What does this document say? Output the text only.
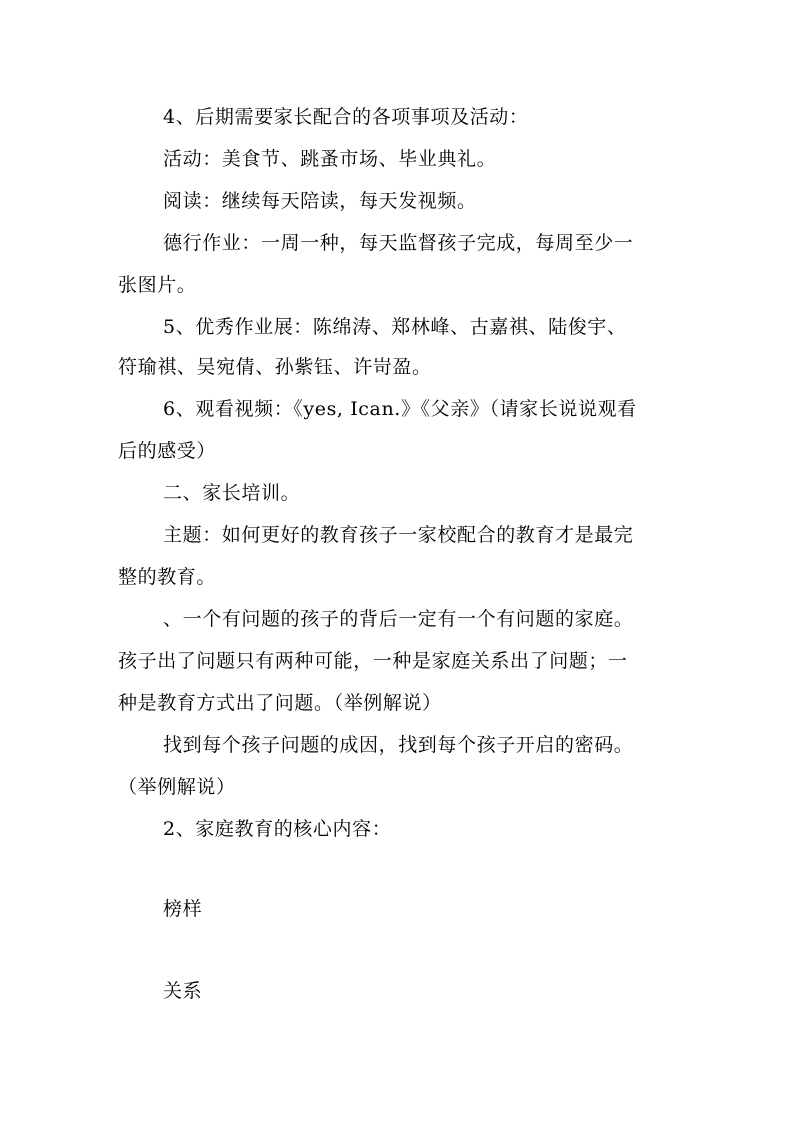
4、后期需要家长配合的各项事项及活动：
活动：美食节、跳蚤市场、毕业典礼。
阅读：继续每天陪读，每天发视频。
德行作业：一周一种，每天监督孩子完成，每周至少一
张图片。
5、优秀作业展：陈绵涛、郑林峰、古嘉祺、陆俊宇、
符瑜祺、吴宛倩、孙紫钰、许岢盈。
6、观看视频：《yes, Ican.》《父亲》（请家长说说观看
后的感受）
二、家长培训。
主题：如何更好的教育孩子一家校配合的教育才是最完
整的教育。
、一个有问题的孩子的背后一定有一个有问题的家庭。
孩子出了问题只有两种可能，一种是家庭关系出了问题；一
种是教育方式出了问题。（举例解说）
找到每个孩子问题的成因，找到每个孩子开启的密码。
（举例解说）
2、家庭教育的核心内容：
榜样
关系
